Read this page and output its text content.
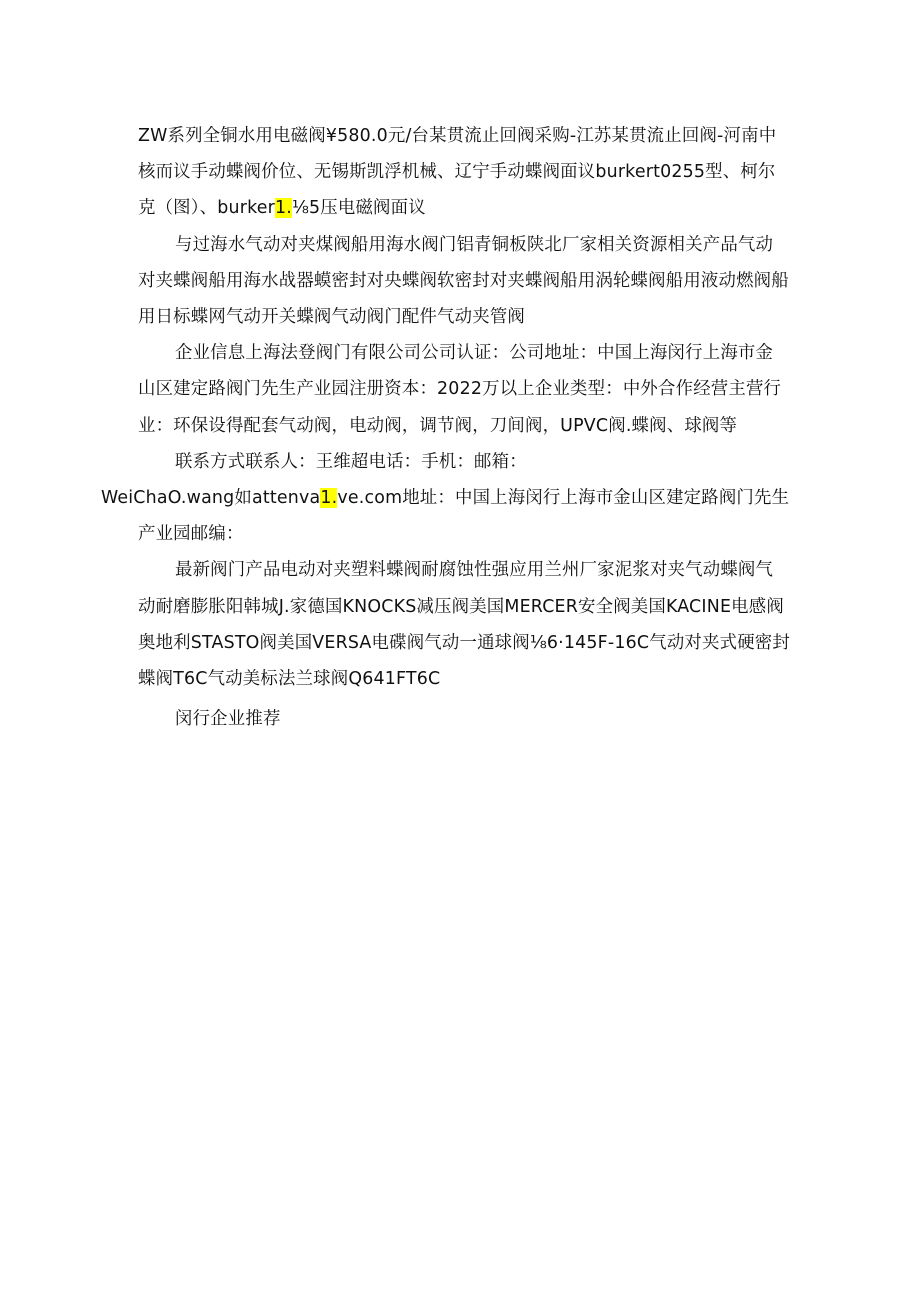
ZW系列全铜水用电磁阀¥580.0元/台某贯流止回阀采购-江苏某贯流止回阀-河南中核而议手动蝶阀价位、无锡斯凯浮机械、辽宁手动蝶阀面议burkert0255型、柯尔克（图）、burker1.⅛5压电磁阀面议

与过海水气动对夹煤阀船用海水阀门铝青铜板陕北厂家相关资源相关产品气动对夹蝶阀船用海水战器蟆密封对央蝶阀软密封对夹蝶阀船用涡轮蝶阀船用液动燃阀船用日标蝶网气动开关蝶阀气动阀门配件气动夹管阀

企业信息上海法登阀门有限公司公司认证：公司地址：中国上海闵行上海市金山区建定路阀门先生产业园注册资本：2022万以上企业类型：中外合作经营主营行业：环保设得配套气动阀，电动阀，调节阀，刀间阀，UPVC阀.蝶阀、球阀等

联系方式联系人：王维超电话：手机：邮箱：
WeiChaO.wang如attenva1.ve.com地址：中国上海闵行上海市金山区建定路阀门先生产业园邮编：

最新阀门产品电动对夹塑料蝶阀耐腐蚀性强应用兰州厂家泥浆对夹气动蝶阀气动耐磨膨胀阳韩城J.家德国KNOCKS减压阀美国MERCER安全阀美国KACINE电感阀奥地利STASTO阀美国VERSA电碟阀气动一通球阀⅛6·145F-16C气动对夹式硬密封蝶阀T6C气动美标法兰球阀Q641FT6C

闵行企业推荐
